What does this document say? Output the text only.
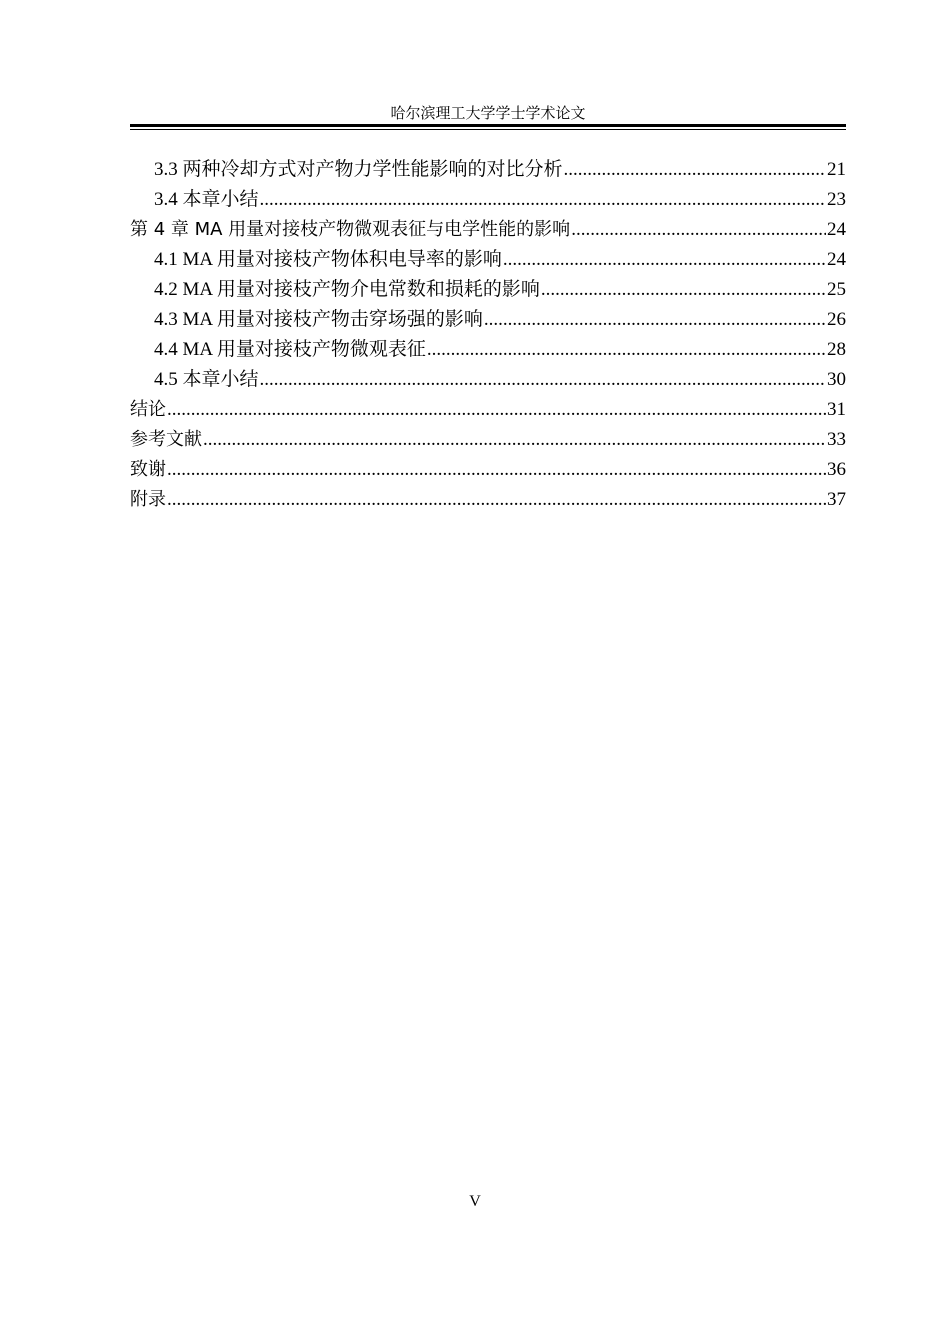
哈尔滨理工大学学士学术论文
3.3 两种冷却方式对产物力学性能影响的对比分析 .....	21
3.4 本章小结 .....	23
第 4 章 MA 用量对接枝产物微观表征与电学性能的影响 .....	24
4.1 MA 用量对接枝产物体积电导率的影响 .....	24
4.2 MA 用量对接枝产物介电常数和损耗的影响 .....	25
4.3 MA 用量对接枝产物击穿场强的影响 .....	26
4.4 MA 用量对接枝产物微观表征 .....	28
4.5 本章小结 .....	30
结论 .....	31
参考文献 .....	33
致谢 .....	36
附录 .....	37
V
